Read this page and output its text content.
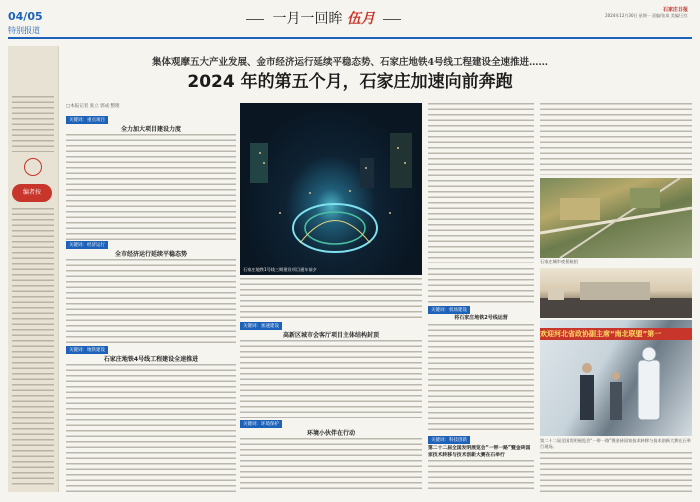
04/05
特别报道
一月一回眸 伍月
石家庄日报
2024年12月30日 星期一 责编/张岚 美编/王红
编者按
集体观摩五大产业发展、金市经济运行延续平稳态势、石家庄地铁4号线工程建设全速推进……
2024 年的第五个月，石家庄加速向前奔跑
□本报记者 张立 郭成 整理
关键词：重点项目
全力加大项目建设力度
关键词：经济运行
全市经济运行延续平稳态势
关键词：地铁建设
石家庄地铁4号线工程建设全速推进
石家庄地铁1号线三期建设项目通车前夕
关键词：加速建设
高新区城市会客厅项目主体结构封顶
关键词：环境保护
环境小伙伴在行动
关键词：机场建设
将石家庄地铁2号线运营
关键词：科技创新
第二十二届全国发明展览会“一带一路”暨金砖国家技术转移与技术创新大赛在石举行
石家庄城市夜景航拍
欢迎河北省政协副主席“南北联盟”第一
第二十二届全国发明展览会“一带一路”暨金砖国家技术转移与技术创新大赛在石举行现场。
